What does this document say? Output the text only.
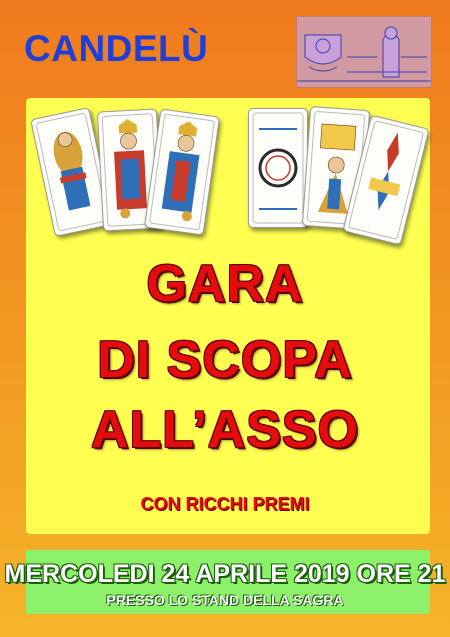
CANDELÙ
GARA
DI SCOPA
ALL’ASSO
CON RICCHI PREMI
MERCOLEDI 24 APRILE 2019 ORE 21
PRESSO LO STAND DELLA SAGRA
